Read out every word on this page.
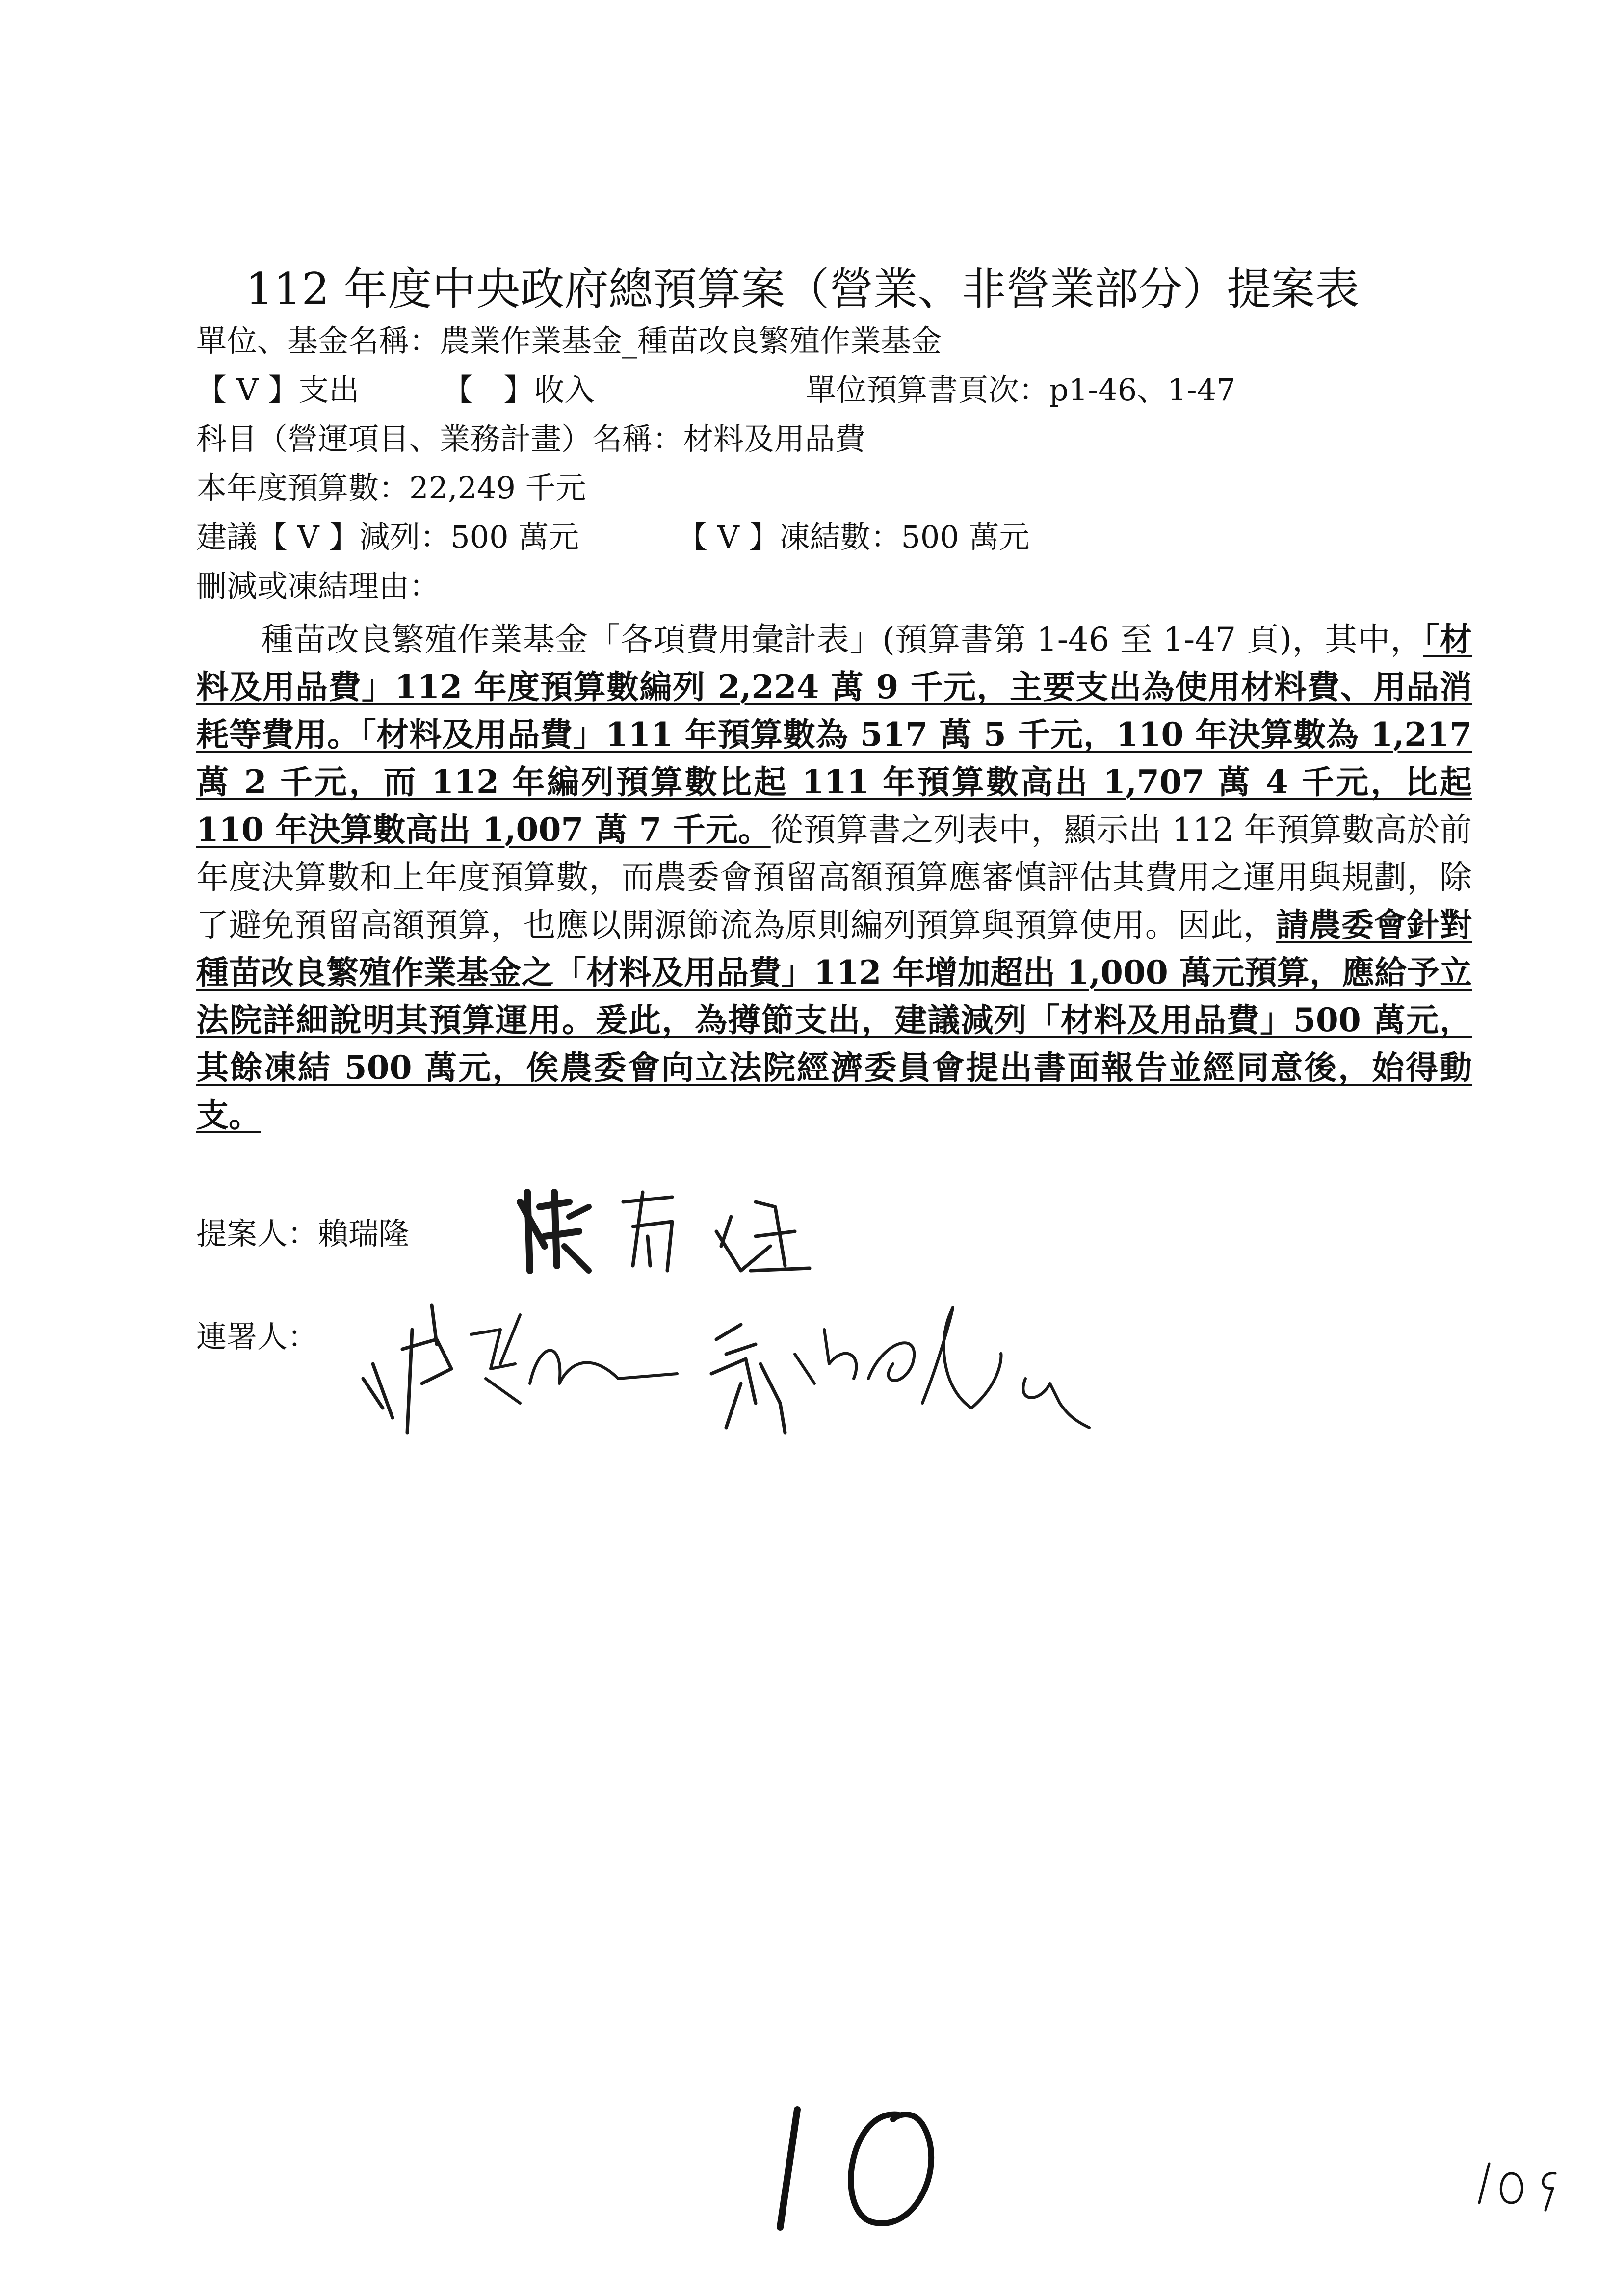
112 年度中央政府總預算案（營業、非營業部分）提案表
單位、基金名稱：農業作業基金_種苗改良繁殖作業基金
【 V 】支出	【　】收入	單位預算書頁次：p1-46、1-47
科目（營運項目、業務計畫）名稱：材料及用品費
本年度預算數：22,249 千元
建議【 V 】減列：500 萬元	【 V 】凍結數：500 萬元
刪減或凍結理由：

種苗改良繁殖作業基金「各項費用彙計表」(預算書第 1-46 至 1-47 頁)，其中，「材料及用品費」112 年度預算數編列 2,224 萬 9 千元，主要支出為使用材料費、用品消耗等費用。「材料及用品費」111 年預算數為 517 萬 5 千元，110 年決算數為 1,217 萬 2 千元，而 112 年編列預算數比起 111 年預算數高出 1,707 萬 4 千元，比起 110 年決算數高出 1,007 萬 7 千元。從預算書之列表中，顯示出 112 年預算數高於前年度決算數和上年度預算數，而農委會預留高額預算應審慎評估其費用之運用與規劃，除了避免預留高額預算，也應以開源節流為原則編列預算與預算使用。因此，請農委會針對種苗改良繁殖作業基金之「材料及用品費」112 年增加超出 1,000 萬元預算，應給予立法院詳細說明其預算運用。爰此，為撙節支出，建議減列「材料及用品費」500 萬元，其餘凍結 500 萬元，俟農委會向立法院經濟委員會提出書面報告並經同意後，始得動支。

提案人：賴瑞隆
連署人：
